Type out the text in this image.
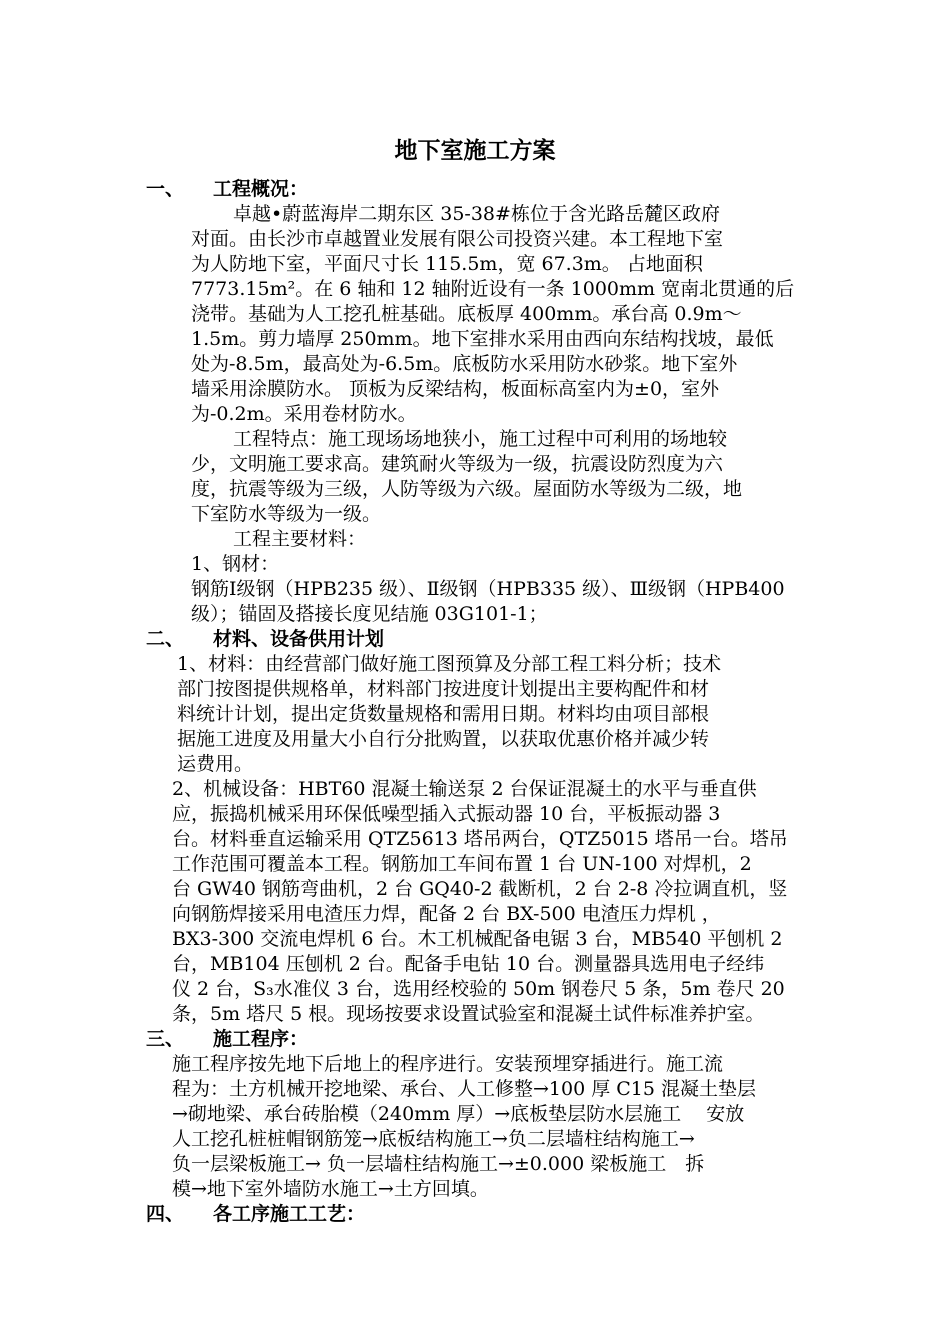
地下室施工方案
一、 工程概况：
卓越•蔚蓝海岸二期东区 35-38#栋位于含光路岳麓区政府
对面。由长沙市卓越置业发展有限公司投资兴建。本工程地下室
为人防地下室，平面尺寸长 115.5m，宽 67.3m。 占地面积
7773.15m²。在 6 轴和 12 轴附近设有一条 1000mm 宽南北贯通的后
浇带。基础为人工挖孔桩基础。底板厚 400mm。承台高 0.9m～
1.5m。剪力墙厚 250mm。地下室排水采用由西向东结构找坡，最低
处为-8.5m，最高处为-6.5m。底板防水采用防水砂浆。地下室外
墙采用涂膜防水。 顶板为反梁结构，板面标高室内为±0，室外
为-0.2m。采用卷材防水。
工程特点：施工现场场地狭小，施工过程中可利用的场地较
少，文明施工要求高。建筑耐火等级为一级，抗震设防烈度为六
度，抗震等级为三级，人防等级为六级。屋面防水等级为二级，地
下室防水等级为一级。
工程主要材料：
1、钢材：
钢筋Ⅰ级钢（HPB235 级）、Ⅱ级钢（HPB335 级）、Ⅲ级钢（HPB400
级）；锚固及搭接长度见结施 03G101-1；
二、 材料、设备供用计划
1、材料：由经营部门做好施工图预算及分部工程工料分析；技术
部门按图提供规格单，材料部门按进度计划提出主要构配件和材
料统计计划，提出定货数量规格和需用日期。材料均由项目部根
据施工进度及用量大小自行分批购置，以获取优惠价格并减少转
运费用。
2、机械设备：HBT60 混凝土输送泵 2 台保证混凝土的水平与垂直供
应，振捣机械采用环保低噪型插入式振动器 10 台，平板振动器 3
台。材料垂直运输采用 QTZ5613 塔吊两台，QTZ5015 塔吊一台。塔吊
工作范围可覆盖本工程。钢筋加工车间布置 1 台 UN-100 对焊机，2
台 GW40 钢筋弯曲机，2 台 GQ40-2 截断机，2 台 2-8 冷拉调直机，竖
向钢筋焊接采用电渣压力焊，配备 2 台 BX-500 电渣压力焊机 ，
BX3-300 交流电焊机 6 台。木工机械配备电锯 3 台，MB540 平刨机 2
台，MB104 压刨机 2 台。配备手电钻 10 台。测量器具选用电子经纬
仪 2 台，S₃水准仪 3 台，选用经校验的 50m 钢卷尺 5 条，5m 卷尺 20
条，5m 塔尺 5 根。现场按要求设置试验室和混凝土试件标准养护室。
三、 施工程序：
施工程序按先地下后地上的程序进行。安装预埋穿插进行。施工流
程为：土方机械开挖地梁、承台、人工修整→100 厚 C15 混凝土垫层
→砌地梁、承台砖胎模（240mm 厚）→底板垫层防水层施工　 安放
人工挖孔桩桩帽钢筋笼→底板结构施工→负二层墙柱结构施工→
负一层梁板施工→ 负一层墙柱结构施工→±0.000 梁板施工　拆
模→地下室外墙防水施工→土方回填。
四、 各工序施工工艺：
